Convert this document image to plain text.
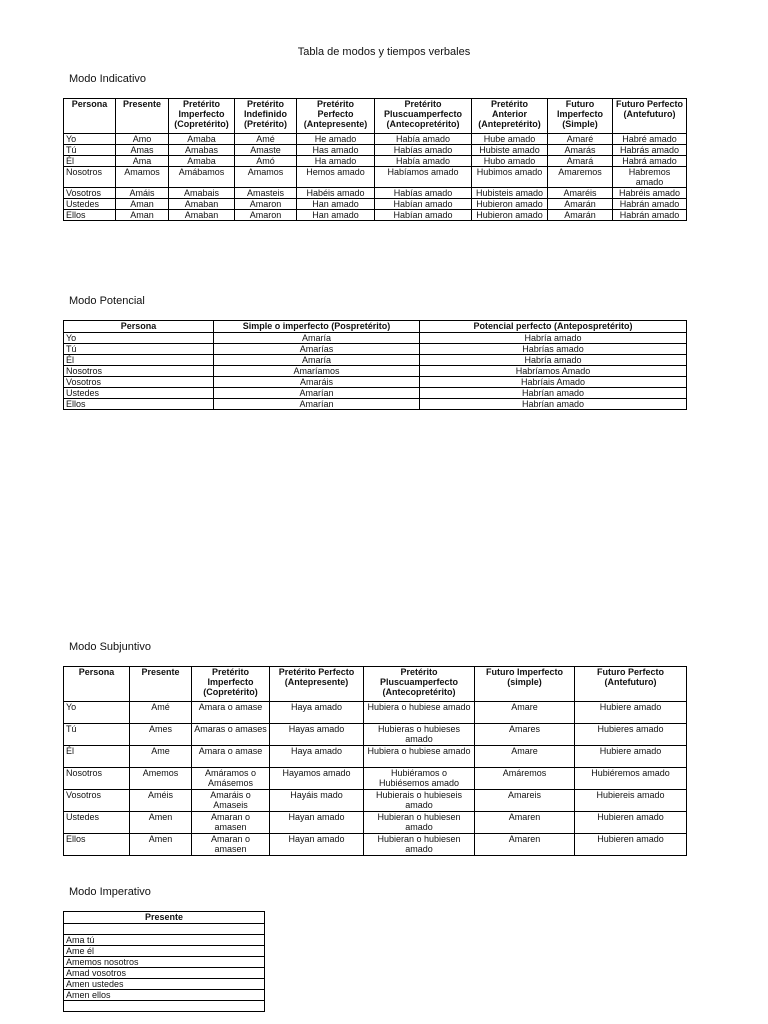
Tabla de modos y tiempos verbales
Modo Indicativo
Persona	Presente	Pretérito Imperfecto (Copretérito)	Pretérito Indefinido (Pretérito)	Pretérito Perfecto (Antepresente)	Pretérito Pluscuamperfecto (Antecopretérito)	Pretérito Anterior (Antepretérito)	Futuro Imperfecto (Simple)	Futuro Perfecto (Antefuturo)
Yo	Amo	Amaba	Amé	He amado	Había amado	Hube amado	Amaré	Habré amado
Tú	Amas	Amabas	Amaste	Has amado	Habías amado	Hubiste amado	Amarás	Habrás amado
Él	Ama	Amaba	Amó	Ha amado	Había amado	Hubo amado	Amará	Habrá amado
Nosotros	Amamos	Amábamos	Amamos	Hemos amado	Habíamos amado	Hubimos amado	Amaremos	Habremos amado
Vosotros	Amáis	Amabais	Amasteis	Habéis amado	Habías amado	Hubisteis amado	Amaréis	Habréis amado
Ustedes	Aman	Amaban	Amaron	Han amado	Habían amado	Hubieron amado	Amarán	Habrán amado
Ellos	Aman	Amaban	Amaron	Han amado	Habían amado	Hubieron amado	Amarán	Habrán amado
Modo Potencial
Persona	Simple o imperfecto (Pospretérito)	Potencial perfecto (Antepospretérito)
Yo	Amaría	Habría amado
Tú	Amarías	Habrías amado
Él	Amaría	Habría amado
Nosotros	Amaríamos	Habríamos Amado
Vosotros	Amaráis	Habríais Amado
Ustedes	Amarían	Habrían amado
Ellos	Amarían	Habrían amado
Modo Subjuntivo
Persona	Presente	Pretérito Imperfecto (Copretérito)	Pretérito Perfecto (Antepresente)	Pretérito Pluscuamperfecto (Antecopretérito)	Futuro Imperfecto (simple)	Futuro Perfecto (Antefuturo)
Yo	Amé	Amara o amase	Haya amado	Hubiera o hubiese amado	Amare	Hubiere amado
Tú	Ames	Amaras o amases	Hayas amado	Hubieras o hubieses amado	Amares	Hubieres amado
Él	Ame	Amara o amase	Haya amado	Hubiera o hubiese amado	Amare	Hubiere amado
Nosotros	Amemos	Amáramos o Amásemos	Hayamos amado	Hubiéramos o Hubiésemos amado	Amáremos	Hubiéremos amado
Vosotros	Améis	Amaráis o Amaseis	Hayáis mado	Hubierais o hubieseis amado	Amareis	Hubiereis amado
Ustedes	Amen	Amaran o amasen	Hayan amado	Hubieran o hubiesen amado	Amaren	Hubieren amado
Ellos	Amen	Amaran o amasen	Hayan amado	Hubieran o hubiesen amado	Amaren	Hubieren amado
Modo Imperativo
Presente

Ama tú
Ame él
Amemos nosotros
Amad vosotros
Amen ustedes
Amen ellos
